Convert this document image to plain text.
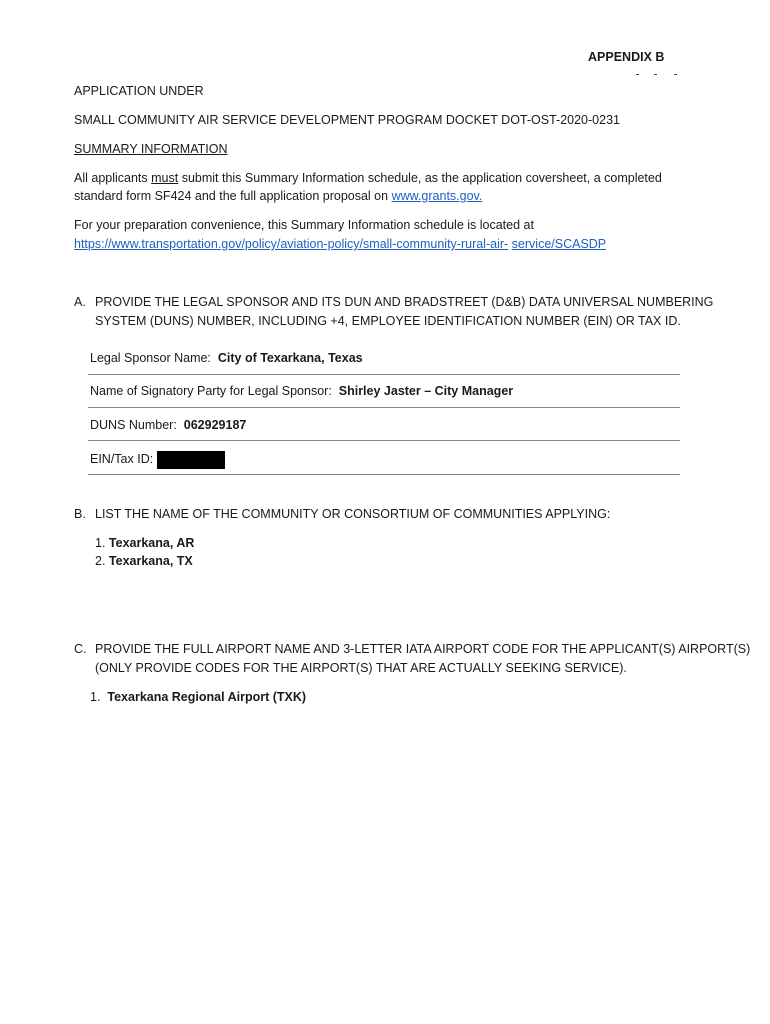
APPENDIX B
APPLICATION UNDER
SMALL COMMUNITY AIR SERVICE DEVELOPMENT PROGRAM DOCKET DOT-OST-2020-0231
SUMMARY INFORMATION
All applicants must submit this Summary Information schedule, as the application coversheet, a completed
standard form SF424 and the full application proposal on www.grants.gov.
For your preparation convenience, this Summary Information schedule is located at
https://www.transportation.gov/policy/aviation-policy/small-community-rural-air- service/SCASDP
A. PROVIDE THE LEGAL SPONSOR AND ITS DUN AND BRADSTREET (D&B) DATA UNIVERSAL NUMBERING
SYSTEM (DUNS) NUMBER, INCLUDING +4, EMPLOYEE IDENTIFICATION NUMBER (EIN) OR TAX ID.
Legal Sponsor Name: City of Texarkana, Texas
Name of Signatory Party for Legal Sponsor: Shirley Jaster – City Manager
DUNS Number: 062929187
EIN/Tax ID:
B. LIST THE NAME OF THE COMMUNITY OR CONSORTIUM OF COMMUNITIES APPLYING:
1. Texarkana, AR
2. Texarkana, TX
C. PROVIDE THE FULL AIRPORT NAME AND 3-LETTER IATA AIRPORT CODE FOR THE APPLICANT(S) AIRPORT(S)
(ONLY PROVIDE CODES FOR THE AIRPORT(S) THAT ARE ACTUALLY SEEKING SERVICE).
1. Texarkana Regional Airport (TXK)
